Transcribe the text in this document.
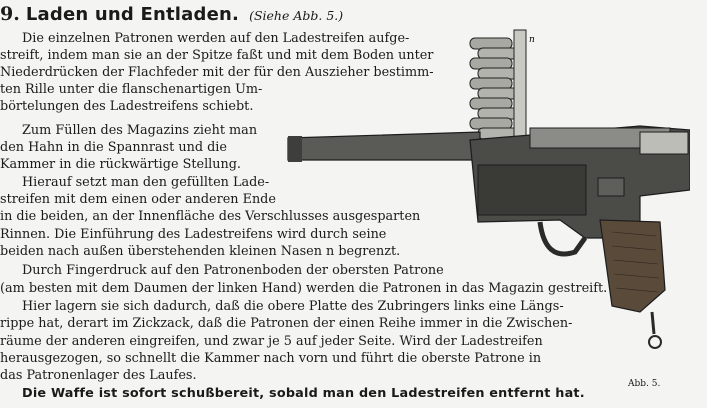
9. Laden und Entladen. (Siehe Abb. 5.)
Die einzelnen Patronen werden auf den Ladestreifen aufge-
streift, indem man sie an der Spitze faßt und mit dem Boden unter
Niederdrücken der Flachfeder mit der für den Auszieher bestimm-
ten Rille unter die flanschenartigen Um-
börtelungen des Ladestreifens schiebt.
Zum Füllen des Magazins zieht man
den Hahn in die Spannrast und die
Kammer in die rückwärtige Stellung.
Hierauf setzt man den gefüllten Lade-
streifen mit dem einen oder anderen Ende
in die beiden, an der Innenfläche des Verschlusses ausgesparten
Rinnen. Die Einführung des Ladestreifens wird durch seine
beiden nach außen überstehenden kleinen Nasen n begrenzt.
Durch Fingerdruck auf den Patronenboden der obersten Patrone
(am besten mit dem Daumen der linken Hand) werden die Patronen in das Magazin gestreift.
Hier lagern sie sich dadurch, daß die obere Platte des Zubringers links eine Längs-
rippe hat, derart im Zickzack, daß die Patronen der einen Reihe immer in die Zwischen-
räume der anderen eingreifen, und zwar je 5 auf jeder Seite. Wird der Ladestreifen
herausgezogen, so schnellt die Kammer nach vorn und führt die oberste Patrone in
das Patronenlager des Laufes.
Die Waffe ist sofort schußbereit, sobald man den Ladestreifen entfernt hat.
n
Abb. 5.
